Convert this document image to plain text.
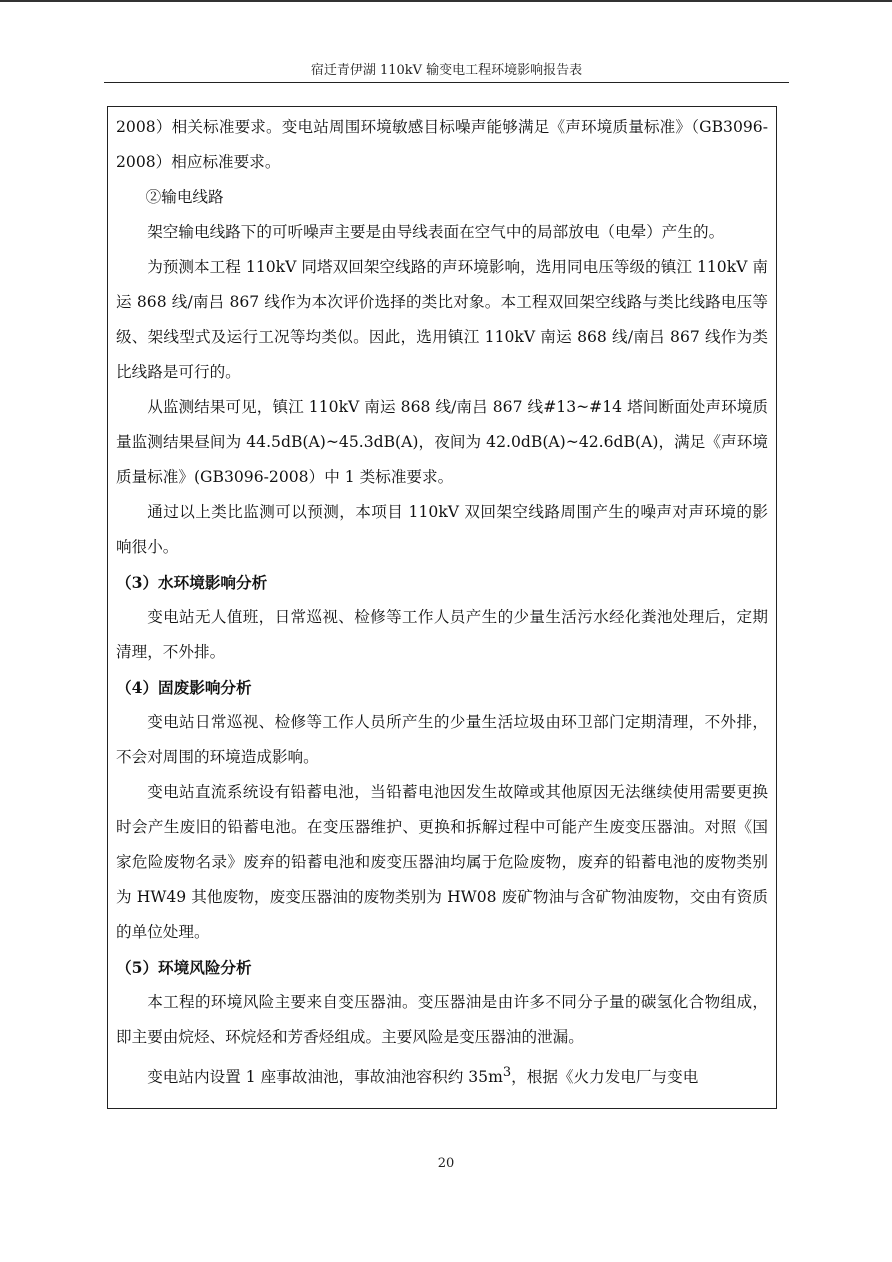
宿迁青伊湖 110kV 输变电工程环境影响报告表

2008）相关标准要求。变电站周围环境敏感目标噪声能够满足《声环境质量标准》（GB3096-2008）相应标准要求。

②输电线路

架空输电线路下的可听噪声主要是由导线表面在空气中的局部放电（电晕）产生的。

为预测本工程 110kV 同塔双回架空线路的声环境影响，选用同电压等级的镇江 110kV 南运 868 线/南吕 867 线作为本次评价选择的类比对象。本工程双回架空线路与类比线路电压等级、架线型式及运行工况等均类似。因此，选用镇江 110kV 南运 868 线/南吕 867 线作为类比线路是可行的。

从监测结果可见，镇江 110kV 南运 868 线/南吕 867 线#13~#14 塔间断面处声环境质量监测结果昼间为 44.5dB(A)~45.3dB(A)，夜间为 42.0dB(A)~42.6dB(A)，满足《声环境质量标准》(GB3096-2008）中 1 类标准要求。

通过以上类比监测可以预测，本项目 110kV 双回架空线路周围产生的噪声对声环境的影响很小。

（3）水环境影响分析

变电站无人值班，日常巡视、检修等工作人员产生的少量生活污水经化粪池处理后，定期清理，不外排。

（4）固废影响分析

变电站日常巡视、检修等工作人员所产生的少量生活垃圾由环卫部门定期清理，不外排，不会对周围的环境造成影响。

变电站直流系统设有铅蓄电池，当铅蓄电池因发生故障或其他原因无法继续使用需要更换时会产生废旧的铅蓄电池。在变压器维护、更换和拆解过程中可能产生废变压器油。对照《国家危险废物名录》废弃的铅蓄电池和废变压器油均属于危险废物，废弃的铅蓄电池的废物类别为 HW49 其他废物，废变压器油的废物类别为 HW08 废矿物油与含矿物油废物，交由有资质的单位处理。

（5）环境风险分析

本工程的环境风险主要来自变压器油。变压器油是由许多不同分子量的碳氢化合物组成，即主要由烷烃、环烷烃和芳香烃组成。主要风险是变压器油的泄漏。

变电站内设置 1 座事故油池，事故油池容积约 $35m^3$，根据《火力发电厂与变电

20
